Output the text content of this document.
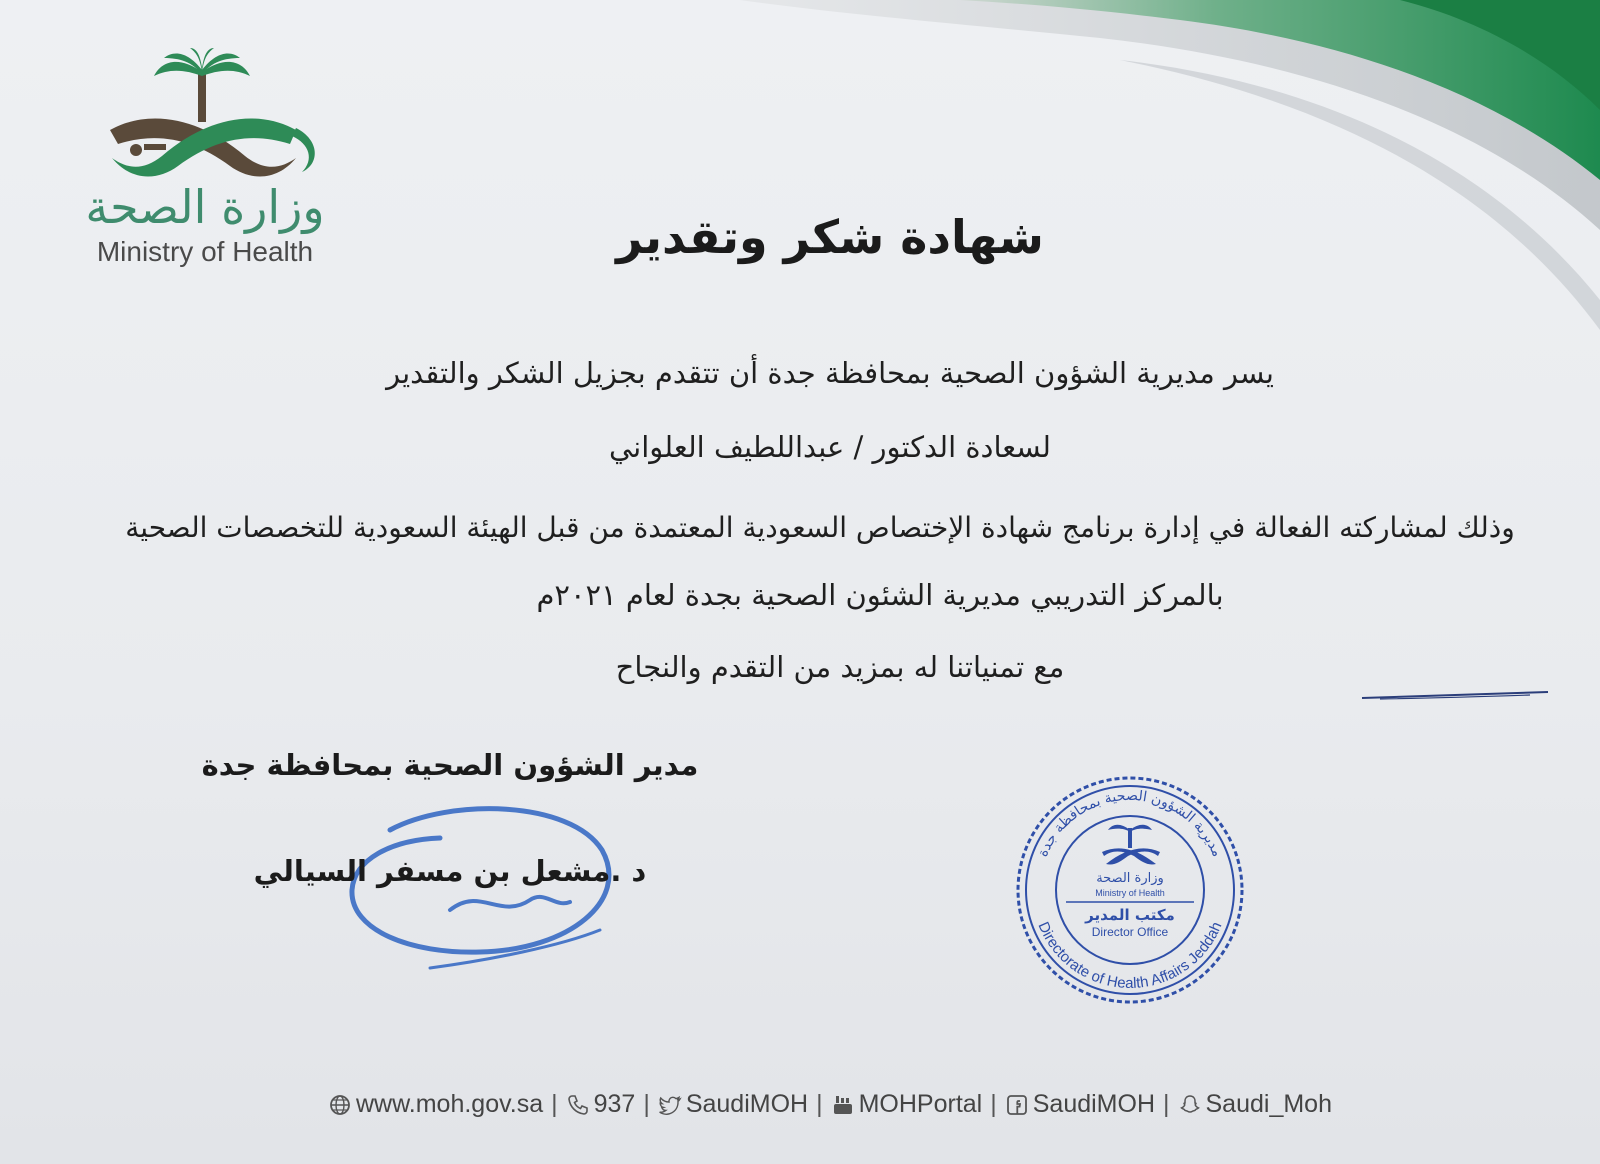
وزارة الصحة
Ministry of Health	شهادة شكر وتقدير
يسر مديرية الشؤون الصحية بمحافظة جدة أن تتقدم بجزيل الشكر والتقدير
لسعادة الدكتور / عبداللطيف العلواني
وذلك لمشاركته الفعالة في إدارة برنامج شهادة الإختصاص السعودية المعتمدة من قبل الهيئة السعودية للتخصصات الصحية
بالمركز التدريبي مديرية الشئون الصحية بجدة لعام ٢٠٢١م
مع تمنياتنا له بمزيد من التقدم والنجاح
مدير الشؤون الصحية بمحافظة جدة
د .مشعل بن مسفر السيالي
مديرية الشؤون الصحية بمحافظة جدة
Directorate of Health Affairs Jeddah
وزارة الصحة
Ministry of Health
مكتب المدير
Director Office
www.moh.gov.sa | 937 | SaudiMOH | MOHPortal | SaudiMOH | Saudi_Moh
